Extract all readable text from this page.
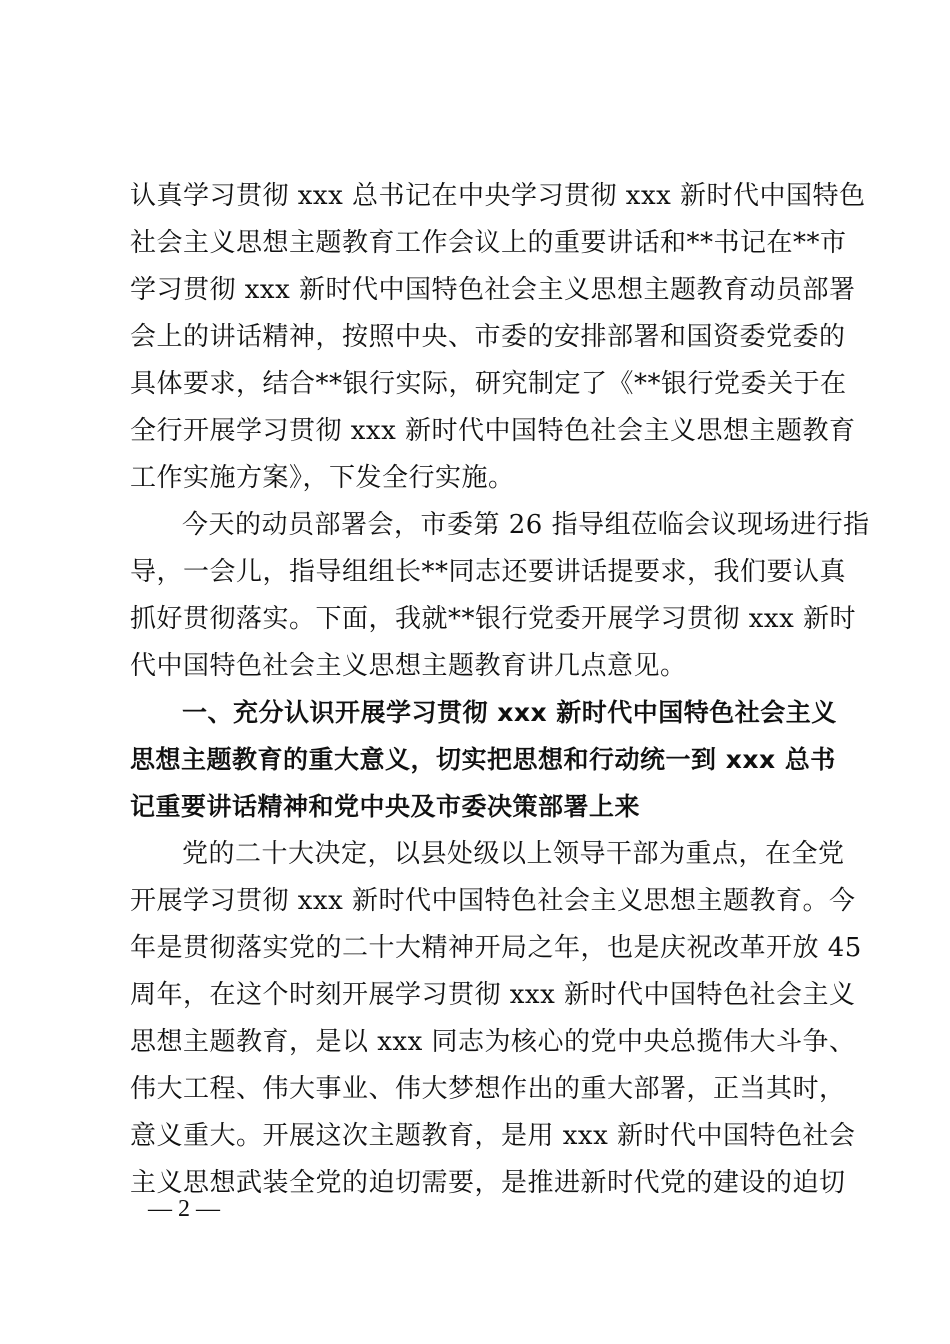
认真学习贯彻 xxx 总书记在中央学习贯彻 xxx 新时代中国特色
社会主义思想主题教育工作会议上的重要讲话和**书记在**市
学习贯彻 xxx 新时代中国特色社会主义思想主题教育动员部署
会上的讲话精神，按照中央、市委的安排部署和国资委党委的
具体要求，结合**银行实际，研究制定了《**银行党委关于在
全行开展学习贯彻 xxx 新时代中国特色社会主义思想主题教育
工作实施方案》，下发全行实施。
今天的动员部署会，市委第 26 指导组莅临会议现场进行指
导，一会儿，指导组组长**同志还要讲话提要求，我们要认真
抓好贯彻落实。下面，我就**银行党委开展学习贯彻 xxx 新时
代中国特色社会主义思想主题教育讲几点意见。
一、充分认识开展学习贯彻 xxx 新时代中国特色社会主义
思想主题教育的重大意义，切实把思想和行动统一到 xxx 总书
记重要讲话精神和党中央及市委决策部署上来
党的二十大决定，以县处级以上领导干部为重点，在全党
开展学习贯彻 xxx 新时代中国特色社会主义思想主题教育。今
年是贯彻落实党的二十大精神开局之年，也是庆祝改革开放 45
周年，在这个时刻开展学习贯彻 xxx 新时代中国特色社会主义
思想主题教育，是以 xxx 同志为核心的党中央总揽伟大斗争、
伟大工程、伟大事业、伟大梦想作出的重大部署，正当其时，
意义重大。开展这次主题教育，是用 xxx 新时代中国特色社会
主义思想武装全党的迫切需要，是推进新时代党的建设的迫切
— 2 —
